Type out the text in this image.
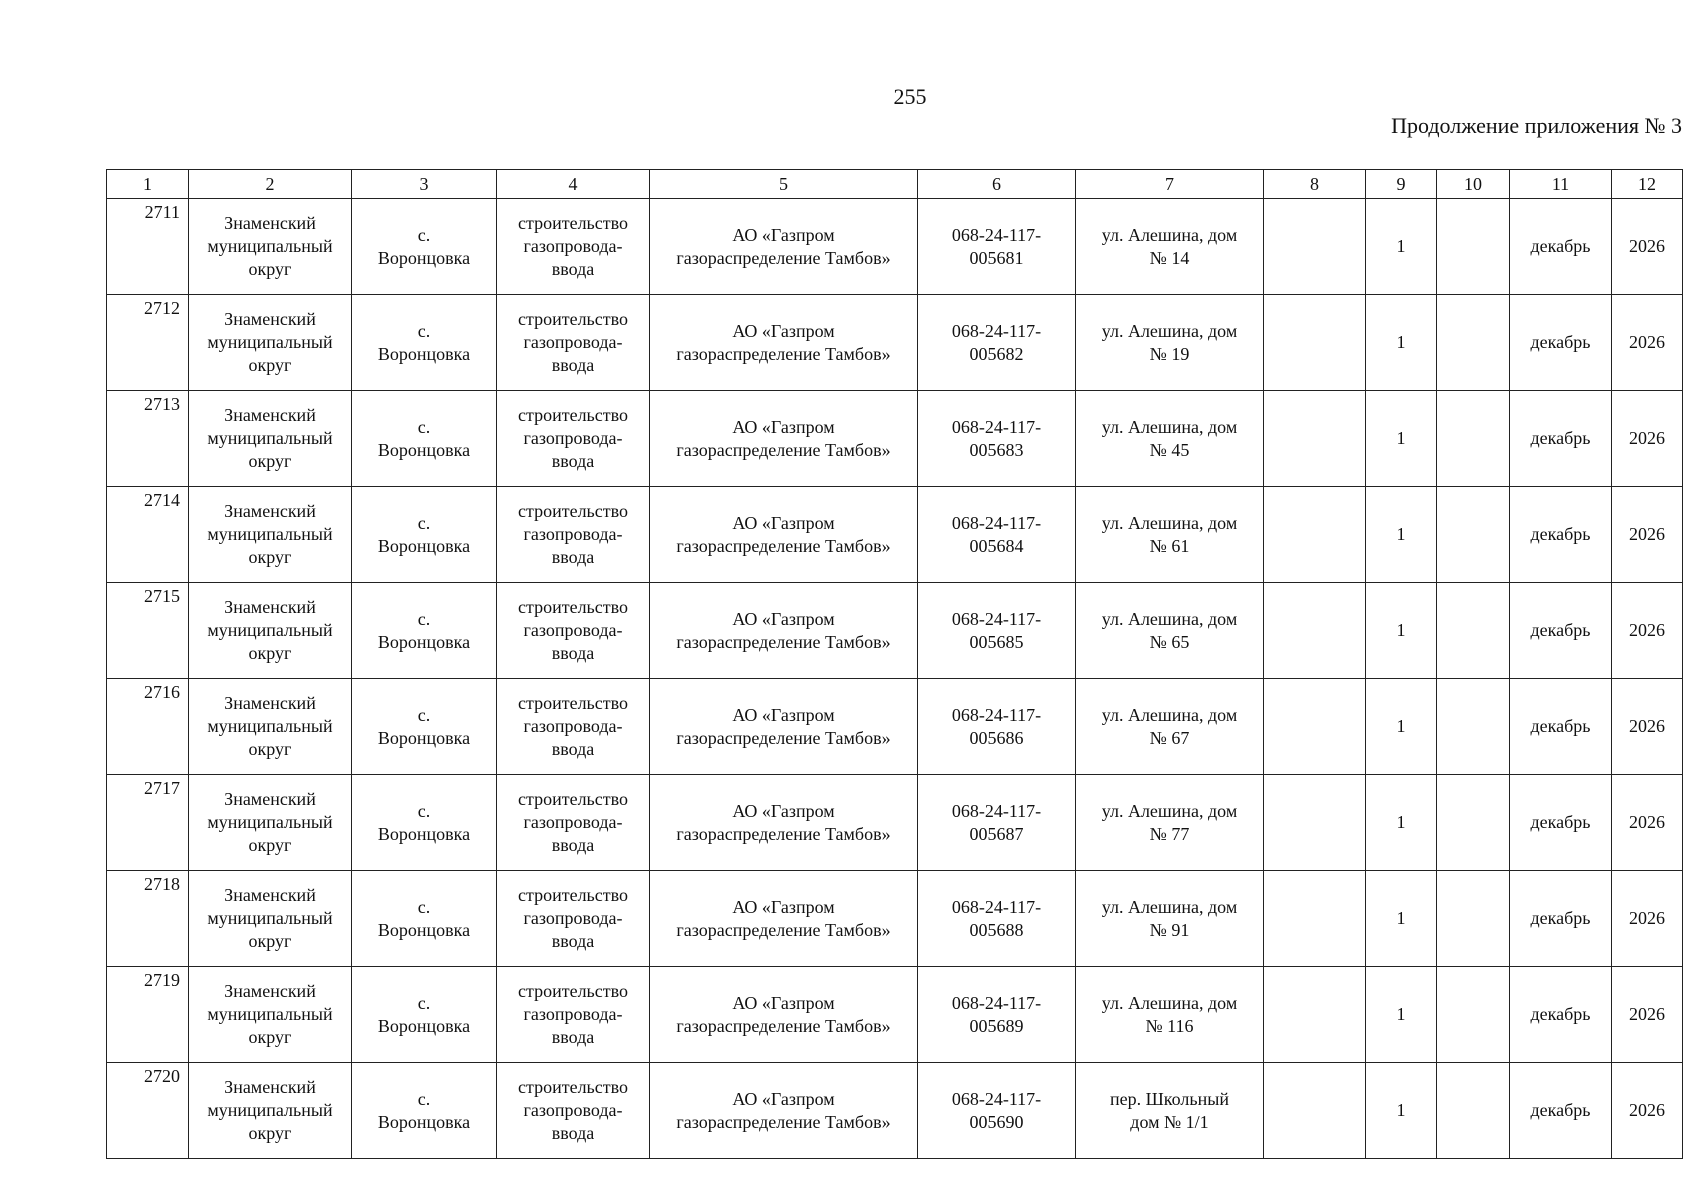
255
Продолжение приложения № 3
1	2	3	4	5	6	7	8	9	10	11	12
2711	Знаменский
муниципальный
округ	с.
Воронцовка	строительство
газопровода-
ввода	АО «Газпром
газораспределение Тамбов»	068-24-117-
005681	ул. Алешина, дом
№ 14		1		декабрь	2026
2712	Знаменский
муниципальный
округ	с.
Воронцовка	строительство
газопровода-
ввода	АО «Газпром
газораспределение Тамбов»	068-24-117-
005682	ул. Алешина, дом
№ 19		1		декабрь	2026
2713	Знаменский
муниципальный
округ	с.
Воронцовка	строительство
газопровода-
ввода	АО «Газпром
газораспределение Тамбов»	068-24-117-
005683	ул. Алешина, дом
№ 45		1		декабрь	2026
2714	Знаменский
муниципальный
округ	с.
Воронцовка	строительство
газопровода-
ввода	АО «Газпром
газораспределение Тамбов»	068-24-117-
005684	ул. Алешина, дом
№ 61		1		декабрь	2026
2715	Знаменский
муниципальный
округ	с.
Воронцовка	строительство
газопровода-
ввода	АО «Газпром
газораспределение Тамбов»	068-24-117-
005685	ул. Алешина, дом
№ 65		1		декабрь	2026
2716	Знаменский
муниципальный
округ	с.
Воронцовка	строительство
газопровода-
ввода	АО «Газпром
газораспределение Тамбов»	068-24-117-
005686	ул. Алешина, дом
№ 67		1		декабрь	2026
2717	Знаменский
муниципальный
округ	с.
Воронцовка	строительство
газопровода-
ввода	АО «Газпром
газораспределение Тамбов»	068-24-117-
005687	ул. Алешина, дом
№ 77		1		декабрь	2026
2718	Знаменский
муниципальный
округ	с.
Воронцовка	строительство
газопровода-
ввода	АО «Газпром
газораспределение Тамбов»	068-24-117-
005688	ул. Алешина, дом
№ 91		1		декабрь	2026
2719	Знаменский
муниципальный
округ	с.
Воронцовка	строительство
газопровода-
ввода	АО «Газпром
газораспределение Тамбов»	068-24-117-
005689	ул. Алешина, дом
№ 116		1		декабрь	2026
2720	Знаменский
муниципальный
округ	с.
Воронцовка	строительство
газопровода-
ввода	АО «Газпром
газораспределение Тамбов»	068-24-117-
005690	пер. Школьный
дом № 1/1		1		декабрь	2026
